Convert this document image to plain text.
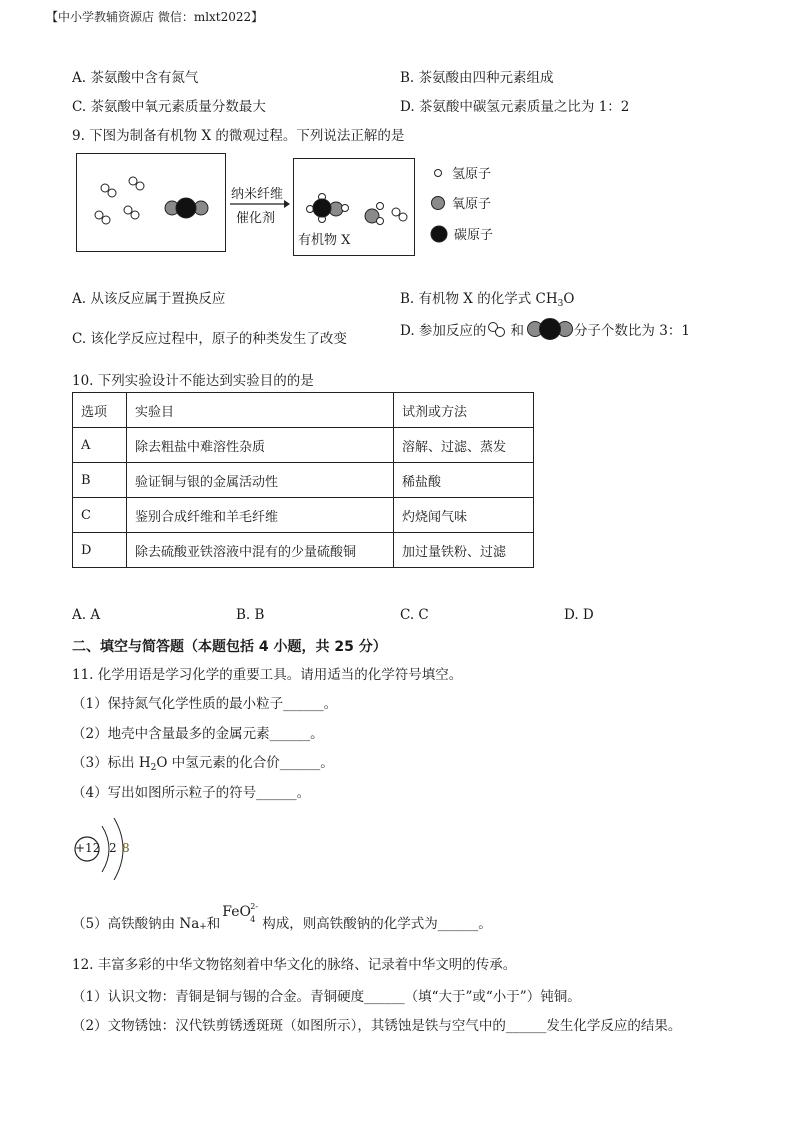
【中小学教辅资源店 微信：mlxt2022】
A. 茶氨酸中含有氮气	B. 茶氨酸由四种元素组成
C. 茶氨酸中氧元素质量分数最大	D. 茶氨酸中碳氢元素质量之比为 1：2
9. 下图为制备有机物 X 的微观过程。下列说法正解的是
纳米纤维
催化剂
有机物 X
氢原子
氧原子
碳原子
A. 从该反应属于置换反应	B. 有机物 X 的化学式 $CH_3O$
C. 该化学反应过程中，原子的种类发生了改变	D. 参加反应的 和	分子个数比为 3：1
10. 下列实验设计不能达到实验目的的是
选项	实验目	试剂或方法
A	除去粗盐中难溶性杂质	溶解、过滤、蒸发
B	验证铜与银的金属活动性	稀盐酸
C	鉴别合成纤维和羊毛纤维	灼烧闻气味
D	除去硫酸亚铁溶液中混有的少量硫酸铜	加过量铁粉、过滤
A. A	B. B	C. C	D. D
二、填空与简答题（本题包括 4 小题，共 25 分）
11. 化学用语是学习化学的重要工具。请用适当的化学符号填空。
（1）保持氮气化学性质的最小粒子______。
（2）地壳中含量最多的金属元素______。
（3）标出 $H_2O$ 中氢元素的化合价______。
（4）写出如图所示粒子的符号______。
+12 2 8
（5）高铁酸钠由 Na + 和
FeO 2-
4 构成，则高铁酸钠的化学式为______。
12. 丰富多彩的中华文物铭刻着中华文化的脉络、记录着中华文明的传承。
（1）认识文物：青铜是铜与锡的合金。青铜硬度______（填“大于”或“小于”）钝铜。
（2）文物锈蚀：汉代铁剪锈透斑斑（如图所示），其锈蚀是铁与空气中的______发生化学反应的结果。
